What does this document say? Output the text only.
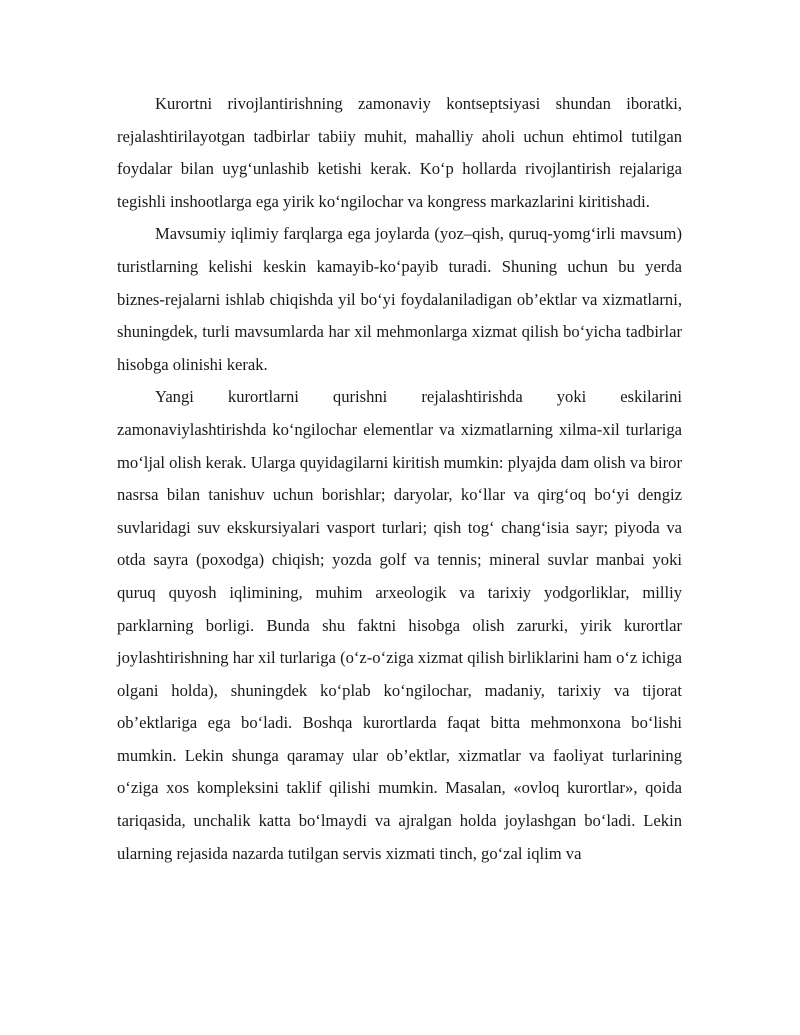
Kurortni rivojlantirishning zamonaviy kontseptsiyasi shundan iboratki, rejalashtirilayotgan tadbirlar tabiiy muhit, mahalliy aholi uchun ehtimol tutilgan foydalar bilan uyg‘unlashib ketishi kerak. Ko‘p hollarda rivojlantirish rejalariga tegishli inshootlarga ega yirik ko‘ngilochar va kongress markazlarini kiritishadi.

Mavsumiy iqlimiy farqlarga ega joylarda (yoz–qish, quruq-yomg‘irli mavsum) turistlarning kelishi keskin kamayib-ko‘payib turadi. Shuning uchun bu yerda biznes-rejalarni ishlab chiqishda yil bo‘yi foydalaniladigan ob’ektlar va xizmatlarni, shuningdek, turli mavsumlarda har xil mehmonlarga xizmat qilish bo‘yicha tadbirlar hisobga olinishi kerak.

Yangi kurortlarni qurishni rejalashtirishda yoki eskilarini zamonaviylashtirishda ko‘ngilochar elementlar va xizmatlarning xilma-xil turlariga mo‘ljal olish kerak. Ularga quyidagilarni kiritish mumkin: plyajda dam olish va biror nasrsa bilan tanishuv uchun borishlar; daryolar, ko‘llar va qirg‘oq bo‘yi dengiz suvlaridagi suv ekskursiyalari vasport turlari; qish tog‘ chang‘isia sayr; piyoda va otda sayra (poxodga) chiqish; yozda golf va tennis; mineral suvlar manbai yoki quruq quyosh iqlimining, muhim arxeologik va tarixiy yodgorliklar, milliy parklarning borligi. Bunda shu faktni hisobga olish zarurki, yirik kurortlar joylashtirishning har xil turlariga (o‘z-o‘ziga xizmat qilish birliklarini ham o‘z ichiga olgani holda), shuningdek ko‘plab ko‘ngilochar, madaniy, tarixiy va tijorat ob’ektlariga ega bo‘ladi. Boshqa kurortlarda faqat bitta mehmonxona bo‘lishi mumkin. Lekin shunga qaramay ular ob’ektlar, xizmatlar va faoliyat turlarining o‘ziga xos kompleksini taklif qilishi mumkin. Masalan, «ovloq kurortlar», qoida tariqasida, unchalik katta bo‘lmaydi va ajralgan holda joylashgan bo‘ladi. Lekin ularning rejasida nazarda tutilgan servis xizmati tinch, go‘zal iqlim va
